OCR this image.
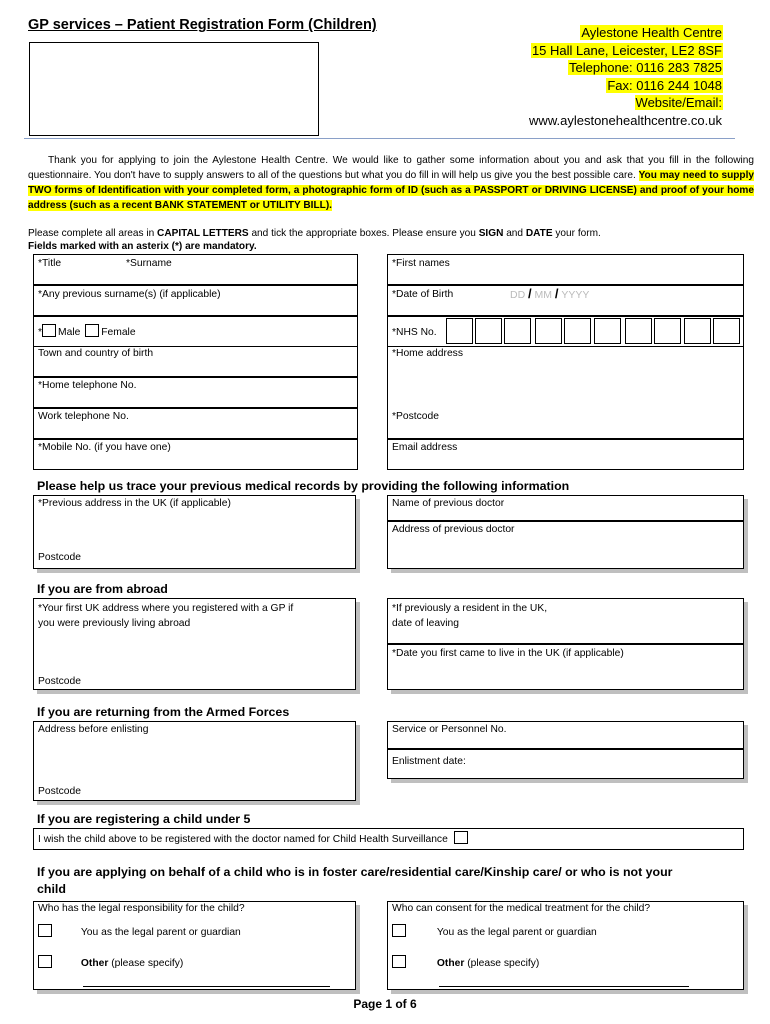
GP services – Patient Registration Form (Children)	Aylestone Health Centre
15 Hall Lane, Leicester, LE2 8SF
Telephone: 0116 283 7825
Fax: 0116 244 1048
Website/Email:
www.aylestonehealthcentre.co.uk
Thank you for applying to join the Aylestone Health Centre. We would like to gather some information about you and ask that you fill in the following questionnaire. You don't have to supply answers to all of the questions but what you do fill in will help us give you the best possible care. You may need to supply TWO forms of Identification with your completed form, a photographic form of ID (such as a PASSPORT or DRIVING LICENSE) and proof of your home address (such as a recent BANK STATEMENT or UTILITY BILL).
Please complete all areas in CAPITAL LETTERS and tick the appropriate boxes. Please ensure you SIGN and DATE your form.
Fields marked with an asterix (*) are mandatory.
*Title	*Surname
*Any previous surname(s) (if applicable)
* Male Female
Town and country of birth
*Home telephone No.
Work telephone No.
*Mobile No. (if you have one)
*First names
*Date of Birth	DD / MM / YYYY
*NHS No.
*Home address
*Postcode
Email address
Please help us trace your previous medical records by providing the following information
*Previous address in the UK (if applicable)
Postcode
Name of previous doctor
Address of previous doctor
If you are from abroad
*Your first UK address where you registered with a GP if
you were previously living abroad
Postcode
*If previously a resident in the UK,
date of leaving
*Date you first came to live in the UK (if applicable)
If you are returning from the Armed Forces
Address before enlisting
Postcode
Service or Personnel No.
Enlistment date:
If you are registering a child under 5
I wish the child above to be registered with the doctor named for Child Health Surveillance
If you are applying on behalf of a child who is in foster care/residential care/Kinship care/ or who is not your
child
Who has the legal responsibility for the child?
You as the legal parent or guardian
Other (please specify)
Who can consent for the medical treatment for the child?
You as the legal parent or guardian
Other (please specify)
Page 1 of 6
